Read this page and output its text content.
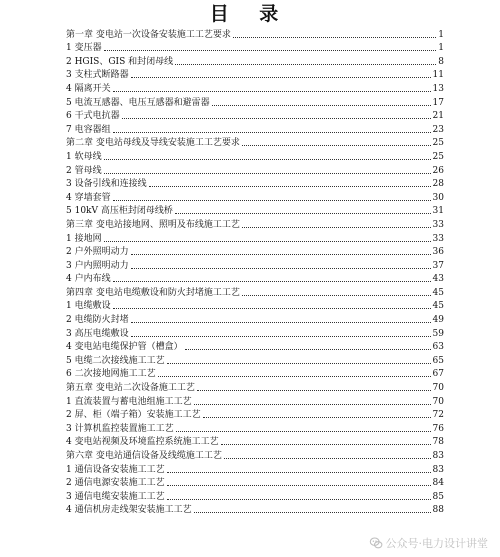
目 录
第一章 变电站一次设备安装施工工艺要求	1
1 变压器	1
2 HGIS、GIS 和封闭母线	8
3 支柱式断路器	11
4 隔离开关	13
5 电流互感器、电压互感器和避雷器	17
6 干式电抗器	21
7 电容器组	23
第二章 变电站母线及导线安装施工工艺要求	25
1 软母线	25
2 管母线	26
3 设备引线和连接线	28
4 穿墙套管	30
5 10kV 高压柜封闭母线桥	31
第三章 变电站接地网、照明及布线施工工艺	33
1 接地网	33
2 户外照明动力	36
3 户内照明动力	37
4 户内布线	43
第四章 变电站电缆敷设和防火封堵施工工艺	45
1 电缆敷设	45
2 电缆防火封堵	49
3 高压电缆敷设	59
4 变电站电缆保护管（槽盒）	63
5 电缆二次接线施工工艺	65
6 二次接地网施工工艺	67
第五章 变电站二次设备施工工艺	70
1 直流装置与蓄电池组施工工艺	70
2 屏、柜（端子箱）安装施工工艺	72
3 计算机监控装置施工工艺	76
4 变电站视频及环境监控系统施工工艺	78
第六章 变电站通信设备及线缆施工工艺	83
1 通信设备安装施工工艺	83
2 通信电源安装施工工艺	84
3 通信电缆安装施工工艺	85
4 通信机房走线架安装施工工艺	88
公众号·电力设计讲堂
